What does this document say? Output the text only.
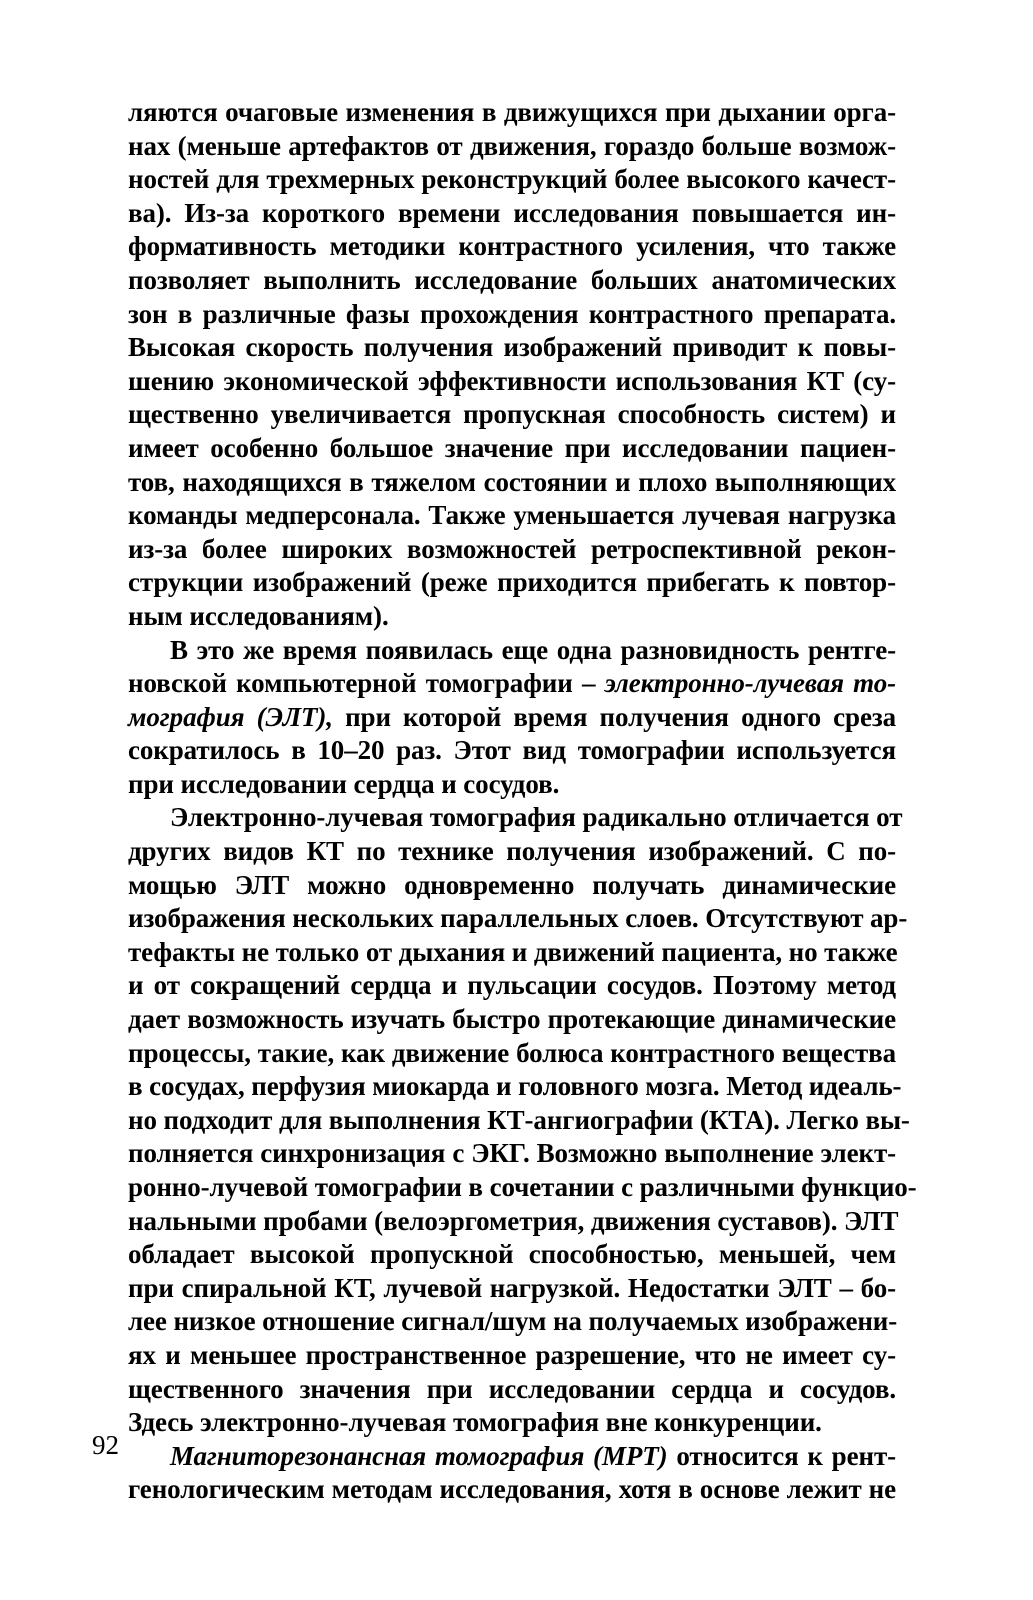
ляются очаговые изменения в движущихся при дыхании орга-
нах (меньше артефактов от движения, гораздо больше возмож-
ностей для трехмерных реконструкций более высокого качест-
ва). Из-за короткого времени исследования повышается ин-
формативность методики контрастного усиления, что также
позволяет выполнить исследование больших анатомических
зон в различные фазы прохождения контрастного препарата.
Высокая скорость получения изображений приводит к повы-
шению экономической эффективности использования КТ (су-
щественно увеличивается пропускная способность систем) и
имеет особенно большое значение при исследовании пациен-
тов, находящихся в тяжелом состоянии и плохо выполняющих
команды медперсонала. Также уменьшается лучевая нагрузка
из-за более широких возможностей ретроспективной рекон-
струкции изображений (реже приходится прибегать к повтор-
ным исследованиям).
В это же время появилась еще одна разновидность рентге-
новской компьютерной томографии – электронно-лучевая то-
мография (ЭЛТ), при которой время получения одного среза
сократилось в 10–20 раз. Этот вид томографии используется
при исследовании сердца и сосудов.
Электронно-лучевая томография радикально отличается от
других видов КТ по технике получения изображений. С по-
мощью ЭЛТ можно одновременно получать динамические
изображения нескольких параллельных слоев. Отсутствуют ар-
тефакты не только от дыхания и движений пациента, но также
и от сокращений сердца и пульсации сосудов. Поэтому метод
дает возможность изучать быстро протекающие динамические
процессы, такие, как движение болюса контрастного вещества
в сосудах, перфузия миокарда и головного мозга. Метод идеаль-
но подходит для выполнения КТ-ангиографии (КТА). Легко вы-
полняется синхронизация с ЭКГ. Возможно выполнение элект-
ронно-лучевой томографии в сочетании с различными функцио-
нальными пробами (велоэргометрия, движения суставов). ЭЛТ
обладает высокой пропускной способностью, меньшей, чем
при спиральной КТ, лучевой нагрузкой. Недостатки ЭЛТ – бо-
лее низкое отношение сигнал/шум на получаемых изображени-
ях и меньшее пространственное разрешение, что не имеет су-
щественного значения при исследовании сердца и сосудов.
Здесь электронно-лучевая томография вне конкуренции.
Магниторезонансная томография (МРТ) относится к рент-
генологическим методам исследования, хотя в основе лежит не
92
